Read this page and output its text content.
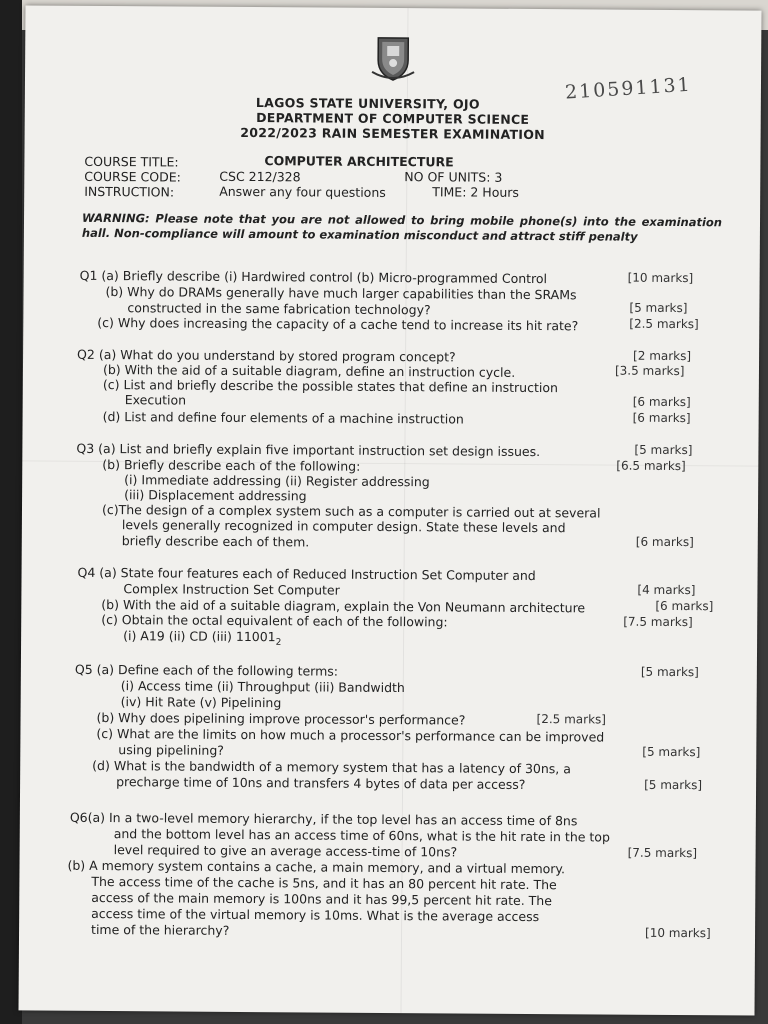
210591131
LAGOS STATE UNIVERSITY, OJO
DEPARTMENT OF COMPUTER SCIENCE
2022/2023 RAIN SEMESTER EXAMINATION
COURSE TITLE:	COMPUTER ARCHITECTURE
COURSE CODE:	CSC 212/328	NO OF UNITS: 3
INSTRUCTION:	Answer any four questions	TIME: 2 Hours
WARNING: Please note that you are not allowed to bring mobile phone(s) into the examination hall. Non-compliance will amount to examination misconduct and attract stiff penalty
Q1 (a) Briefly describe (i) Hardwired control (b) Micro-programmed Control	[10 marks]
(b) Why do DRAMs generally have much larger capabilities than the SRAMs
constructed in the same fabrication technology?	[5 marks]
(c) Why does increasing the capacity of a cache tend to increase its hit rate?	[2.5 marks]
Q2 (a) What do you understand by stored program concept?	[2 marks]
(b) With the aid of a suitable diagram, define an instruction cycle.	[3.5 marks]
(c) List and briefly describe the possible states that define an instruction
Execution	[6 marks]
(d) List and define four elements of a machine instruction	[6 marks]
Q3 (a) List and briefly explain five important instruction set design issues.	[5 marks]
(b) Briefly describe each of the following:	[6.5 marks]
(i) Immediate addressing (ii) Register addressing
(iii) Displacement addressing
(c)The design of a complex system such as a computer is carried out at several
levels generally recognized in computer design. State these levels and
briefly describe each of them.	[6 marks]
Q4 (a) State four features each of Reduced Instruction Set Computer and
Complex Instruction Set Computer	[4 marks]
(b) With the aid of a suitable diagram, explain the Von Neumann architecture	[6 marks]
(c) Obtain the octal equivalent of each of the following:	[7.5 marks]
(i) A19 (ii) CD (iii) $11001_2$
Q5 (a) Define each of the following terms:	[5 marks]
(i) Access time (ii) Throughput (iii) Bandwidth
(iv) Hit Rate (v) Pipelining
(b) Why does pipelining improve processor's performance?	[2.5 marks]
(c) What are the limits on how much a processor's performance can be improved
using pipelining?	[5 marks]
(d) What is the bandwidth of a memory system that has a latency of 30ns, a
precharge time of 10ns and transfers 4 bytes of data per access?	[5 marks]
Q6(a) In a two-level memory hierarchy, if the top level has an access time of 8ns
and the bottom level has an access time of 60ns, what is the hit rate in the top
level required to give an average access-time of 10ns?	[7.5 marks]
(b) A memory system contains a cache, a main memory, and a virtual memory.
The access time of the cache is 5ns, and it has an 80 percent hit rate. The
access of the main memory is 100ns and it has 99,5 percent hit rate. The
access time of the virtual memory is 10ms. What is the average access
time of the hierarchy?	[10 marks]
